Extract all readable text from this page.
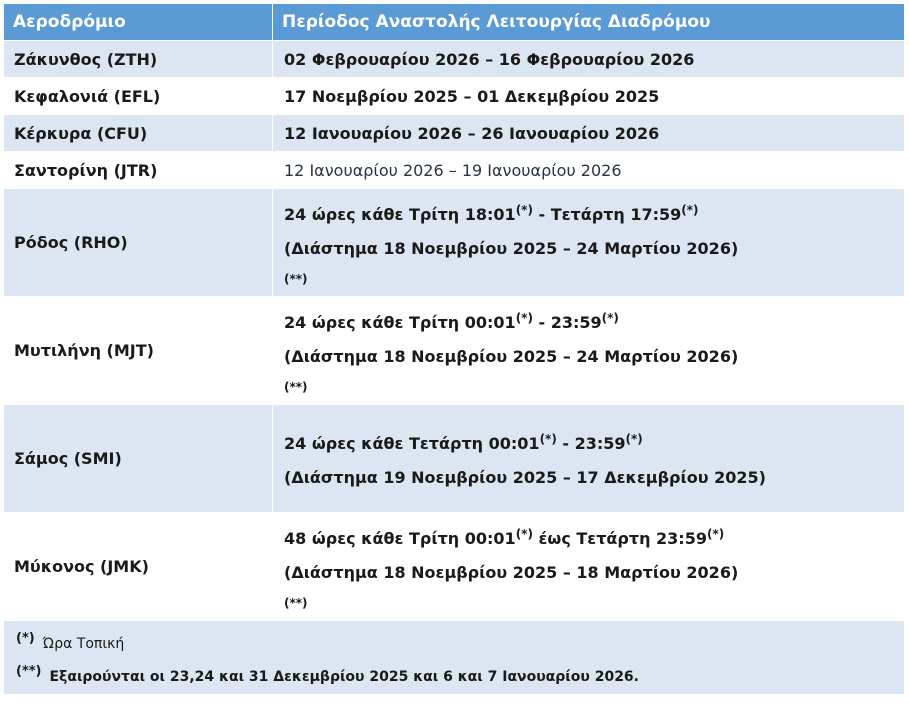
Αεροδρόμιο	Περίοδος Αναστολής Λειτουργίας Διαδρόμου
Ζάκυνθος (ZTH)	02 Φεβρουαρίου 2026 – 16 Φεβρουαρίου 2026
Κεφαλονιά (EFL)	17 Νοεμβρίου 2025 – 01 Δεκεμβρίου 2025
Κέρκυρα (CFU)	12 Ιανουαρίου 2026 – 26 Ιανουαρίου 2026
Σαντορίνη (JTR)	12 Ιανουαρίου 2026 – 19 Ιανουαρίου 2026
Ρόδος (RHO)	24 ώρες κάθε Τρίτη 18:01(*) - Τετάρτη 17:59(*)
(Διάστημα 18 Νοεμβρίου 2025 – 24 Μαρτίου 2026)
(**)

Μυτιλήνη (MJT)	24 ώρες κάθε Τρίτη 00:01(*) - 23:59(*)
(Διάστημα 18 Νοεμβρίου 2025 – 24 Μαρτίου 2026)
(**)

Σάμος (SMI)	24 ώρες κάθε Τετάρτη 00:01(*) - 23:59(*)
(Διάστημα 19 Νοεμβρίου 2025 – 17 Δεκεμβρίου 2025)

Μύκονος (JMK)	48 ώρες κάθε Τρίτη 00:01(*) έως Τετάρτη 23:59(*)
(Διάστημα 18 Νοεμβρίου 2025 – 18 Μαρτίου 2026)
(**)

(*) Ώρα Τοπική
(**) Εξαιρούνται οι 23,24 και 31 Δεκεμβρίου 2025 και 6 και 7 Ιανουαρίου 2026.	
